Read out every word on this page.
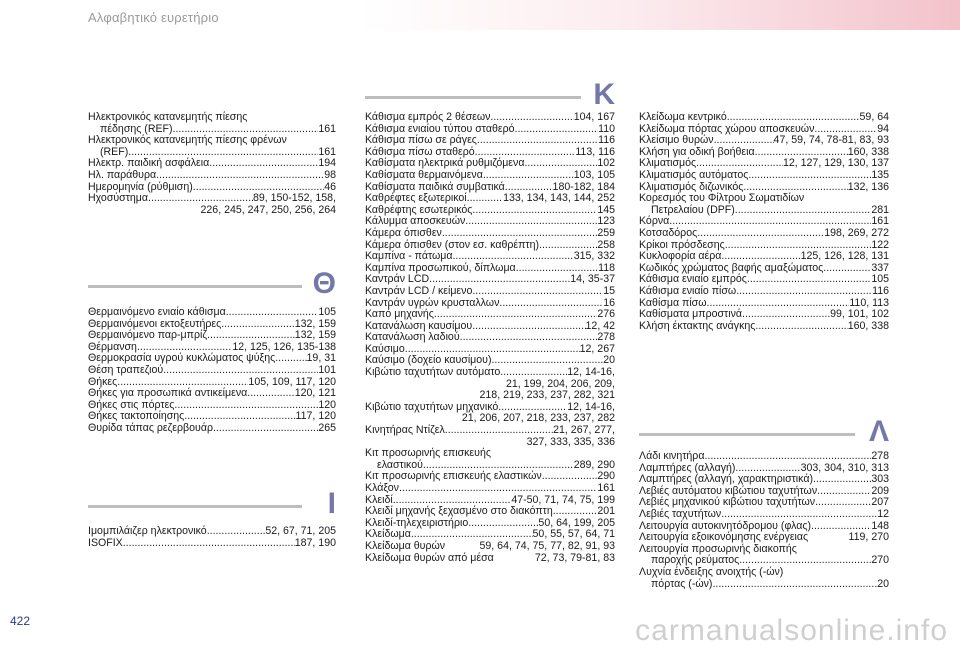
Αλφαβητικό ευρετήριο
Ηλεκτρονικός κατανεμητής πίεσης
πέδησης (REF) .....	161
Ηλεκτρονικός κατανεμητής πίεσης φρένων
(REF) .....	161
Ηλεκτρ. παιδική ασφάλεια .....	194
Ηλ. παράθυρα .....	98
Ημερομηνία (ρύθμιση) .....	46
Ηχοσύστημα .....	89, 150-152, 158,
226, 245, 247, 250, 256, 264
Θ
Θερμαινόμενο ενιαίο κάθισμα .....	105
Θερμαινόμενοι εκτοξευτήρες .....	132, 159
Θερμαινόμενο παρ-μπρίζ .....	132, 159
Θέρμανση .....	12, 125, 126, 135-138
Θερμοκρασία υγρού κυκλώματος ψύξης .....	19, 31
Θέση τραπεζιού .....	101
Θήκες .....	105, 109, 117, 120
Θήκες για προσωπικά αντικείμενα .....	120, 121
Θήκες στις πόρτες .....	120
Θήκες τακτοποίησης .....	117, 120
Θυρίδα τάπας ρεζερβουάρ .....	265
Ι
Ιμομπιλάιζερ ηλεκτρονικό .....	52, 67, 71, 205
ISOFIX .....	187, 190
Κ
Κάθισμα εμπρός 2 θέσεων .....	104, 167
Κάθισμα ενιαίου τύπου σταθερό .....	110
Κάθισμα πίσω σε ράγες .....	116
Κάθισμα πίσω σταθερό .....	113, 116
Καθίσματα ηλεκτρικά ρυθμιζόμενα .....	102
Καθίσματα θερμαινόμενα .....	103, 105
Καθίσματα παιδικά συμβατικά .....	180-182, 184
Καθρέφτες εξωτερικοί .....	133, 134, 143, 144, 252
Καθρέφτης εσωτερικός .....	145
Κάλυμμα αποσκευών .....	123
Κάμερα όπισθεν .....	259
Κάμερα όπισθεν (στον εσ. καθρέπτη) .....	258
Καμπίνα - πάτωμα .....	315, 332
Καμπίνα προσωπικού, δίπλωμα .....	118
Καντράν LCD .....	14, 35-37
Καντράν LCD / κείμενο .....	15
Καντράν υγρών κρυσταλλων .....	16
Καπό μηχανής .....	276
Κατανάλωση καυσίμου .....	12, 42
Κατανάλωση λαδιού .....	278
Καύσιμο .....	12, 267
Καύσιμο (δοχείο καυσίμου) .....	20
Κιβώτιο ταχυτήτων αυτόματο .....	12, 14-16,
21, 199, 204, 206, 209,
218, 219, 233, 237, 282, 321
Κιβώτιο ταχυτήτων μηχανικό .....	12, 14-16,
21, 206, 207, 218, 233, 237, 282
Κινητήρας Ντίζελ .....	21, 267, 277,
327, 333, 335, 336
Κιτ προσωρινής επισκευής
ελαστικού .....	289, 290
Κιτ προσωρινής επισκευής ελαστικών .....	290
Κλάξον .....	161
Κλειδί .....	47-50, 71, 74, 75, 199
Κλειδί μηχανής ξεχασμένο στο διακόπτη .....	201
Κλειδί-τηλεχειριστήριο .....	50, 64, 199, 205
Κλείδωμα .....	50, 55, 57, 64, 71
Κλείδωμα θυρών	59, 64, 74, 75, 77, 82, 91, 93
Κλείδωμα θυρών από μέσα	72, 73, 79-81, 83
Κλείδωμα κεντρικό .....	59, 64
Κλείδωμα πόρτας χώρου αποσκευών .....	94
Κλείσιμο θυρών .....	47, 59, 74, 78-81, 83, 93
Κλήση για οδική βοήθεια .....	160, 338
Κλιματισμός .....	12, 127, 129, 130, 137
Κλιματισμός αυτόματος .....	135
Κλιματισμός διζωνικός .....	132, 136
Κορεσμός του Φίλτρου Σωματιδίων
Πετρελαίου (DPF) .....	281
Κόρνα .....	161
Κοτσαδόρος .....	198, 269, 272
Κρίκοι πρόσδεσης .....	122
Κυκλοφορία αέρα .....	125, 126, 128, 131
Κωδικός χρώματος βαφής αμαξώματος .....	337
Κάθισμα ενιαίο εμπρός .....	105
Κάθισμα ενιαίο πίσω .....	116
Καθίσμα πίσω .....	110, 113
Καθίσματα μπροστινά .....	99, 101, 102
Κλήση έκτακτης ανάγκης .....	160, 338
Λ
Λάδι κινητήρα .....	278
Λαμπτήρες (αλλαγή) .....	303, 304, 310, 313
Λαμπτήρες (αλλαγή, χαρακτηριστικά) .....	303
Λεβιές αυτόματου κιβώτιου ταχυτήτων .....	209
Λεβιές μηχανικού κιβώτιου ταχυτήτων .....	207
Λεβιές ταχυτήτων .....	12
Λειτουργία αυτοκινητόδρομου (φλας) .....	148
Λειτουργία εξοικονόμησης ενέργειας	119, 270
Λειτουργία προσωρινής διακοπής
παροχής ρεύματος .....	270
Λυχνία ένδειξης ανοιχτής (-ών)
πόρτας (-ών) .....	20
422	carmanualsonline.info
